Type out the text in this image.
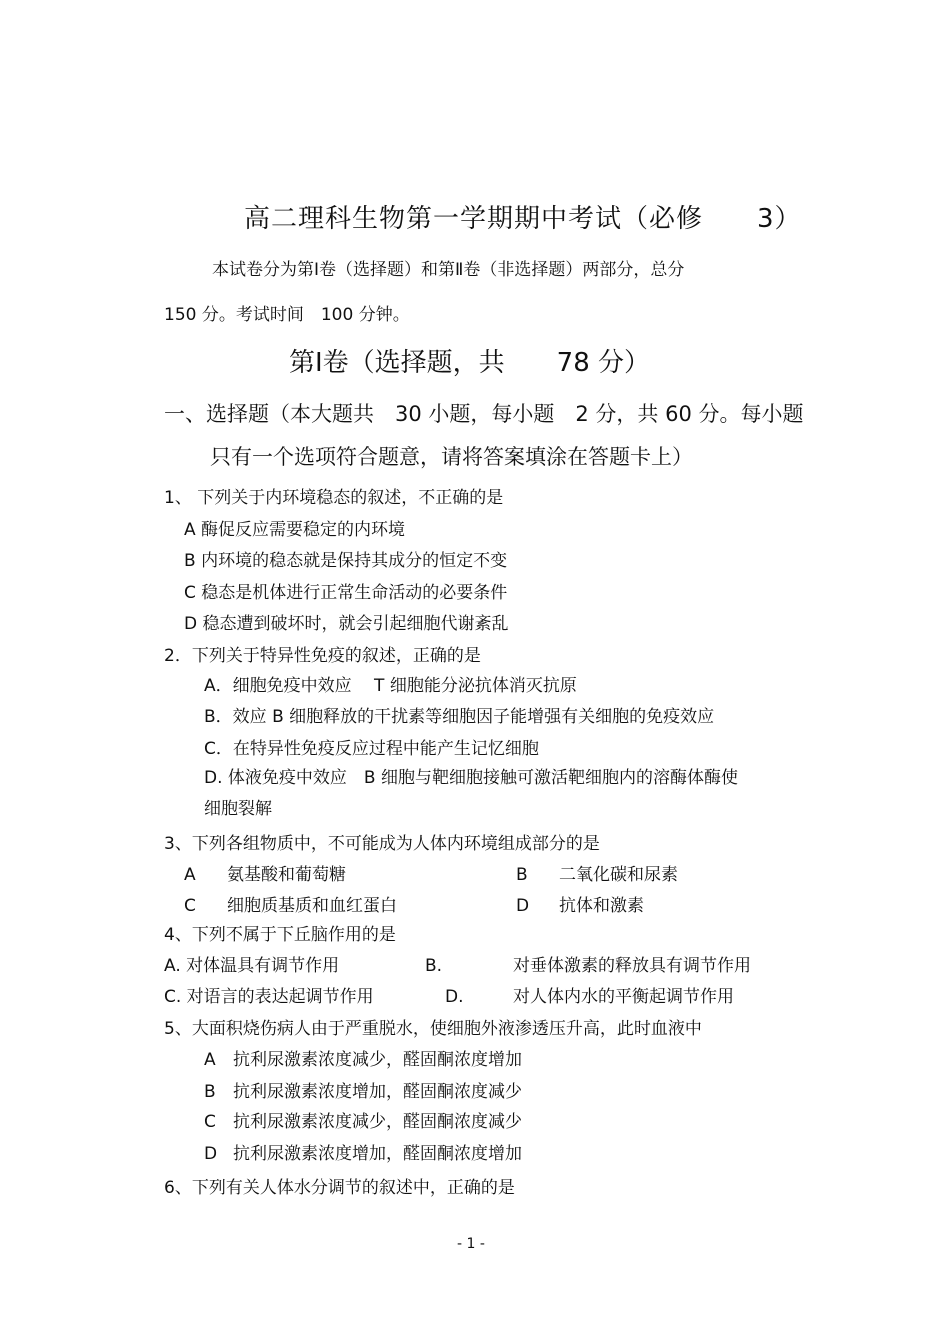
高二理科生物第一学期期中考试（必修　　3）
本试卷分为第Ⅰ卷（选择题）和第Ⅱ卷（非选择题）两部分，总分
150 分。考试时间　100 分钟。
第Ⅰ卷（选择题，共　　78 分）
一、选择题（本大题共　30 小题，每小题　2 分，共 60 分。每小题
只有一个选项符合题意，请将答案填涂在答题卡上）
1、 下列关于内环境稳态的叙述，不正确的是
A 酶促反应需要稳定的内环境
B 内环境的稳态就是保持其成分的恒定不变
C 稳态是机体进行正常生命活动的必要条件
D 稳态遭到破坏时，就会引起细胞代谢紊乱
2．下列关于特异性免疫的叙述，正确的是
A．细胞免疫中效应　 T 细胞能分泌抗体消灭抗原
B．效应 B 细胞释放的干扰素等细胞因子能增强有关细胞的免疫效应
C．在特异性免疫反应过程中能产生记忆细胞
D. 体液免疫中效应　B 细胞与靶细胞接触可激活靶细胞内的溶酶体酶使
细胞裂解
3、下列各组物质中，不可能成为人体内环境组成部分的是
A 氨基酸和葡萄糖	B 二氧化碳和尿素
C 细胞质基质和血红蛋白	D 抗体和激素
4、下列不属于下丘脑作用的是
A. 对体温具有调节作用	B.	对垂体激素的释放具有调节作用
C. 对语言的表达起调节作用	D.	对人体内水的平衡起调节作用
5、大面积烧伤病人由于严重脱水，使细胞外液渗透压升高，此时血液中
A 抗利尿激素浓度减少，醛固酮浓度增加
B 抗利尿激素浓度增加，醛固酮浓度减少
C 抗利尿激素浓度减少，醛固酮浓度减少
D 抗利尿激素浓度增加，醛固酮浓度增加
6、下列有关人体水分调节的叙述中，正确的是
- 1 -
